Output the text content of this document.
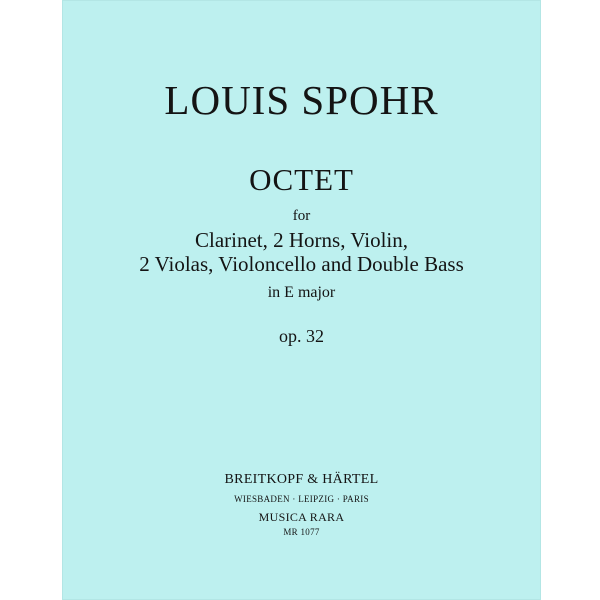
LOUIS SPOHR
OCTET
for
Clarinet, 2 Horns, Violin,
2 Violas, Violoncello and Double Bass
in E major
op. 32
BREITKOPF & HÄRTEL
WIESBADEN · LEIPZIG · PARIS
MUSICA RARA
MR 1077
